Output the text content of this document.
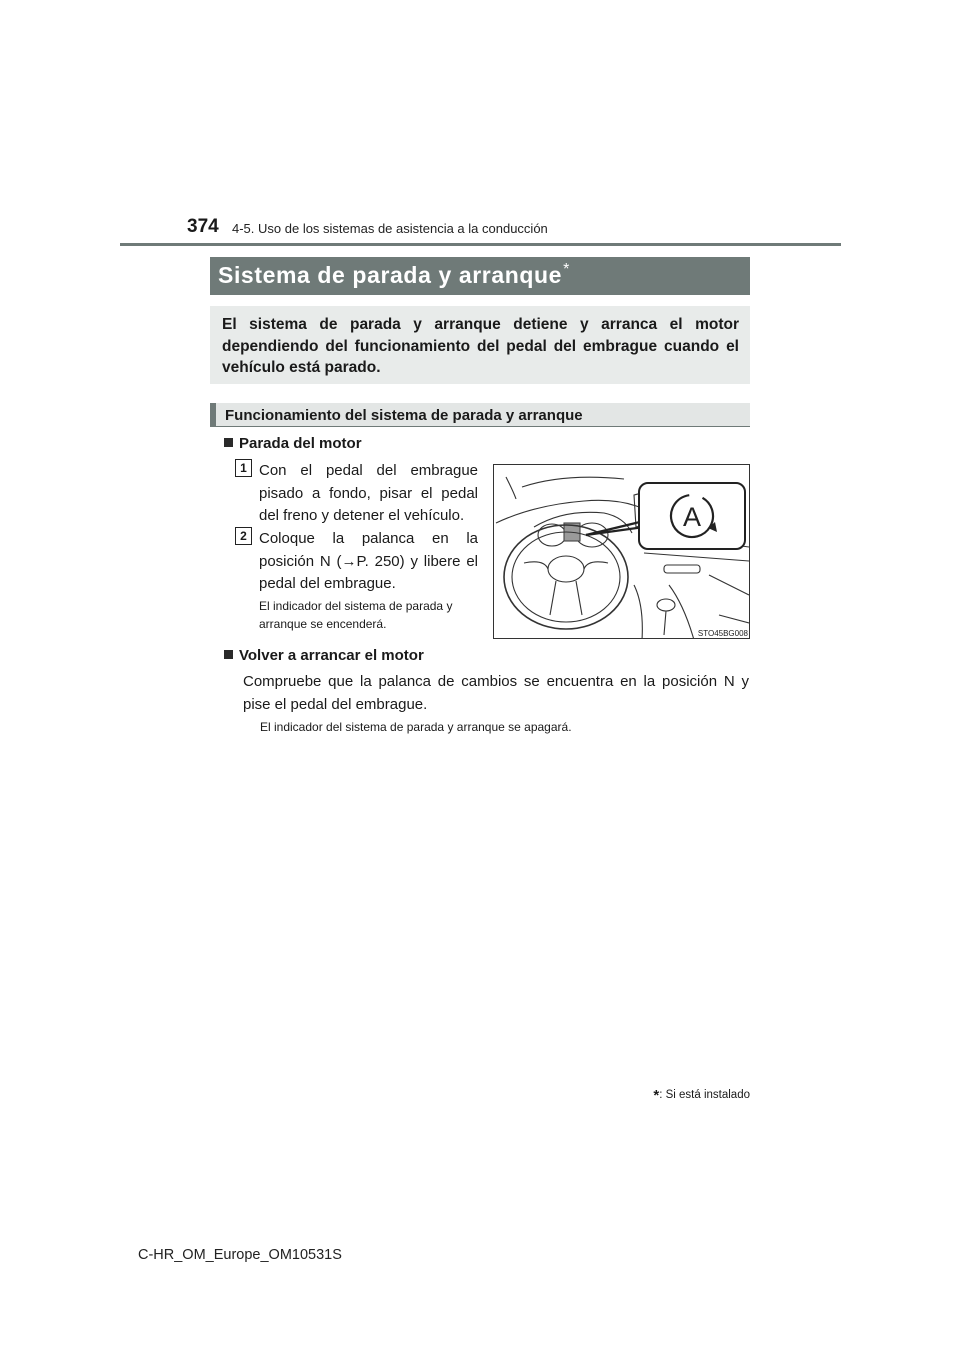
374 4-5. Uso de los sistemas de asistencia a la conducción
Sistema de parada y arranque*
El sistema de parada y arranque detiene y arranca el motor dependiendo del funcionamiento del pedal del embrague cuando el vehículo está parado.
Funcionamiento del sistema de parada y arranque
Parada del motor
1 Con el pedal del embrague pisado a fondo, pisar el pedal del freno y detener el vehículo.
2 Coloque la palanca en la posición N (→P. 250) y libere el pedal del embrague.
El indicador del sistema de parada y arranque se encenderá.
A
STO45BG008
Volver a arrancar el motor
Compruebe que la palanca de cambios se encuentra en la posición N y pise el pedal del embrague.
El indicador del sistema de parada y arranque se apagará.
*: Si está instalado
C-HR_OM_Europe_OM10531S
